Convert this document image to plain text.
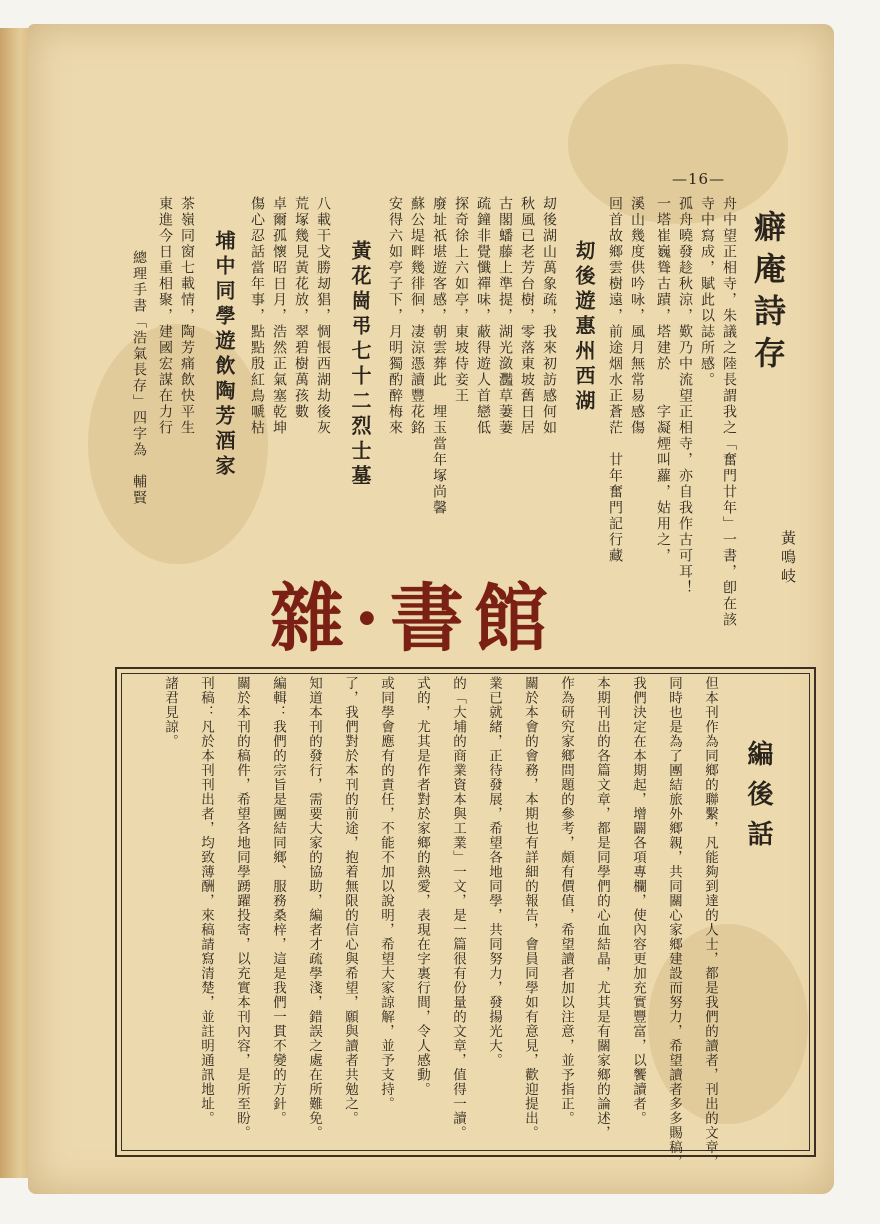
—16—
癖庵詩存
黃鳴岐
舟中望正相寺，朱議之陸長謂我之「奮門廿年」一書，卽在該
寺中寫成，賦此以誌所感。
孤舟曉發趁秋涼，歎乃中流望正相寺，亦自我作古可耳！
一塔崔巍聳古蹟，塔建於　　字凝煙叫蘿，姑用之，
溪山幾度供吟咏，風月無常易感傷
回首故鄉雲樹遠，前途烟水正蒼茫　廿年奮門記行藏
刧後遊惠州西湖
刧後湖山萬象疏，我來初訪感何如
秋風已老芳台樹，零落東坡舊日居
古閣蟠藤上準提，湖光潋灩草萋萋
疏鐘非覺懺禪味，蔽得遊人首戀低
探奇徐上六如亭，東坡侍妾王
廢址祇堪遊客感，朝雲葬此　埋玉當年塚尚馨
蘇公堤畔幾徘徊，凄涼憑讀豐花銘
安得六如亭子下，月明獨酌醉梅來
黃花崗弔七十二烈士墓
八載干戈勝刼猖，惆悵西湖劫後灰
荒塚幾見黃花放，翠碧樹萬孩數
卓爾孤懷昭日月，浩然正氣塞乾坤
傷心忍話當年事，點點殷紅鳥嗁枯
埔中同學遊飲陶芳酒家
茶嶺同窗七載情，陶芳痛飲快平生
東進今日重相聚，建國宏謀在力行
總理手書「浩氣長存」四字為　輔賢
雜·書館
編後話
但本刊作為同鄉的聯繫，凡能夠到達的人士，都是我們的讀者，刊出的文章，
同時也是為了團結旅外鄉親，共同關心家鄉建設而努力，希望讀者多多賜稿，
我們決定在本期起，增闢各項專欄，使內容更加充實豐富，以饗讀者。
本期刊出的各篇文章，都是同學們的心血結晶，尤其是有關家鄉的論述，
作為研究家鄉問題的參考，頗有價值，希望讀者加以注意，並予指正。
關於本會的會務，本期也有詳細的報告，會員同學如有意見，歡迎提出。
業已就緒，正待發展，希望各地同學，共同努力，發揚光大。
的「大埔的商業資本與工業」一文，是一篇很有份量的文章，值得一讀。
式的，尤其是作者對於家鄉的熱愛，表現在字裏行間，令人感動。
或同學會應有的責任，不能不加以說明，希望大家諒解，並予支持。
了，我們對於本刊的前途，抱着無限的信心與希望，願與讀者共勉之。
知道本刊的發行，需要大家的協助，編者才疏學淺，錯誤之處在所難免。
編輯：我們的宗旨是團結同鄉、服務桑梓，這是我們一貫不變的方針。
關於本刊的稿件，希望各地同學踴躍投寄，以充實本刊內容，是所至盼。
刊稿：凡於本刊刊出者，均致薄酬，來稿請寫清楚，並註明通訊地址。
諸君見諒。
